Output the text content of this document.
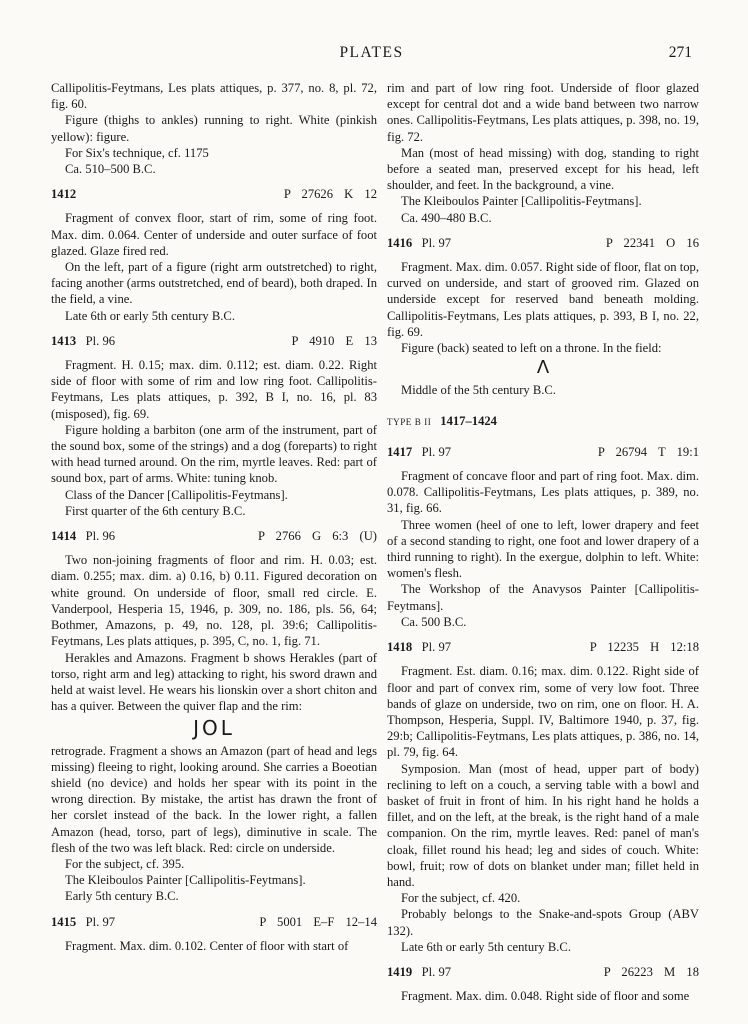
PLATES	271

Callipolitis-Feytmans, Les plats attiques, p. 377, no. 8, pl. 72, fig. 60.

Figure (thighs to ankles) running to right. White (pinkish yellow): figure.

For Six's technique, cf. 1175

Ca. 510–500 B.C.

1412	P 27626 K 12

Fragment of convex floor, start of rim, some of ring foot. Max. dim. 0.064. Center of underside and outer surface of foot glazed. Glaze fired red.

On the left, part of a figure (right arm outstretched) to right, facing another (arms outstretched, end of beard), both draped. In the field, a vine.

Late 6th or early 5th century B.C.

1413 Pl. 96	P 4910 E 13

Fragment. H. 0.15; max. dim. 0.112; est. diam. 0.22. Right side of floor with some of rim and low ring foot. Callipolitis-Feytmans, Les plats attiques, p. 392, B I, no. 16, pl. 83 (misposed), fig. 69.

Figure holding a barbiton (one arm of the instrument, part of the sound box, some of the strings) and a dog (foreparts) to right with head turned around. On the rim, myrtle leaves. Red: part of sound box, part of arms. White: tuning knob.

Class of the Dancer [Callipolitis-Feytmans].

First quarter of the 6th century B.C.

1414 Pl. 96	P 2766 G 6:3 (U)

Two non-joining fragments of floor and rim. H. 0.03; est. diam. 0.255; max. dim. a) 0.16, b) 0.11. Figured decoration on white ground. On underside of floor, small red circle. E. Vanderpool, Hesperia 15, 1946, p. 309, no. 186, pls. 56, 64; Bothmer, Amazons, p. 49, no. 128, pl. 39:6; Callipolitis-Feytmans, Les plats attiques, p. 395, C, no. 1, fig. 71.

Herakles and Amazons. Fragment b shows Herakles (part of torso, right arm and leg) attacking to right, his sword drawn and held at waist level. He wears his lionskin over a short chiton and has a quiver. Between the quiver flap and the rim:

JOL

retrograde. Fragment a shows an Amazon (part of head and legs missing) fleeing to right, looking around. She carries a Boeotian shield (no device) and holds her spear with its point in the wrong direction. By mistake, the artist has drawn the front of her corslet instead of the back. In the lower right, a fallen Amazon (head, torso, part of legs), diminutive in scale. The flesh of the two was left black. Red: circle on underside.

For the subject, cf. 395.

The Kleiboulos Painter [Callipolitis-Feytmans].

Early 5th century B.C.

1415 Pl. 97	P 5001 E–F 12–14

Fragment. Max. dim. 0.102. Center of floor with start of

rim and part of low ring foot. Underside of floor glazed except for central dot and a wide band between two narrow ones. Callipolitis-Feytmans, Les plats attiques, p. 398, no. 19, fig. 72.

Man (most of head missing) with dog, standing to right before a seated man, preserved except for his head, left shoulder, and feet. In the background, a vine.

The Kleiboulos Painter [Callipolitis-Feytmans].

Ca. 490–480 B.C.

1416 Pl. 97	P 22341 O 16

Fragment. Max. dim. 0.057. Right side of floor, flat on top, curved on underside, and start of grooved rim. Glazed on underside except for reserved band beneath molding. Callipolitis-Feytmans, Les plats attiques, p. 393, B I, no. 22, fig. 69.

Figure (back) seated to left on a throne. In the field:

Λ

Middle of the 5th century B.C.

TYPE B II 1417–1424
1417 Pl. 97	P 26794 T 19:1

Fragment of concave floor and part of ring foot. Max. dim. 0.078. Callipolitis-Feytmans, Les plats attiques, p. 389, no. 31, fig. 66.

Three women (heel of one to left, lower drapery and feet of a second standing to right, one foot and lower drapery of a third running to right). In the exergue, dolphin to left. White: women's flesh.

The Workshop of the Anavysos Painter [Callipolitis-Feytmans].

Ca. 500 B.C.

1418 Pl. 97	P 12235 H 12:18

Fragment. Est. diam. 0.16; max. dim. 0.122. Right side of floor and part of convex rim, some of very low foot. Three bands of glaze on underside, two on rim, one on floor. H. A. Thompson, Hesperia, Suppl. IV, Baltimore 1940, p. 37, fig. 29:b; Callipolitis-Feytmans, Les plats attiques, p. 386, no. 14, pl. 79, fig. 64.

Symposion. Man (most of head, upper part of body) reclining to left on a couch, a serving table with a bowl and basket of fruit in front of him. In his right hand he holds a fillet, and on the left, at the break, is the right hand of a male companion. On the rim, myrtle leaves. Red: panel of man's cloak, fillet round his head; leg and sides of couch. White: bowl, fruit; row of dots on blanket under man; fillet held in hand.

For the subject, cf. 420.

Probably belongs to the Snake-and-spots Group (ABV 132).

Late 6th or early 5th century B.C.

1419 Pl. 97	P 26223 M 18

Fragment. Max. dim. 0.048. Right side of floor and some
